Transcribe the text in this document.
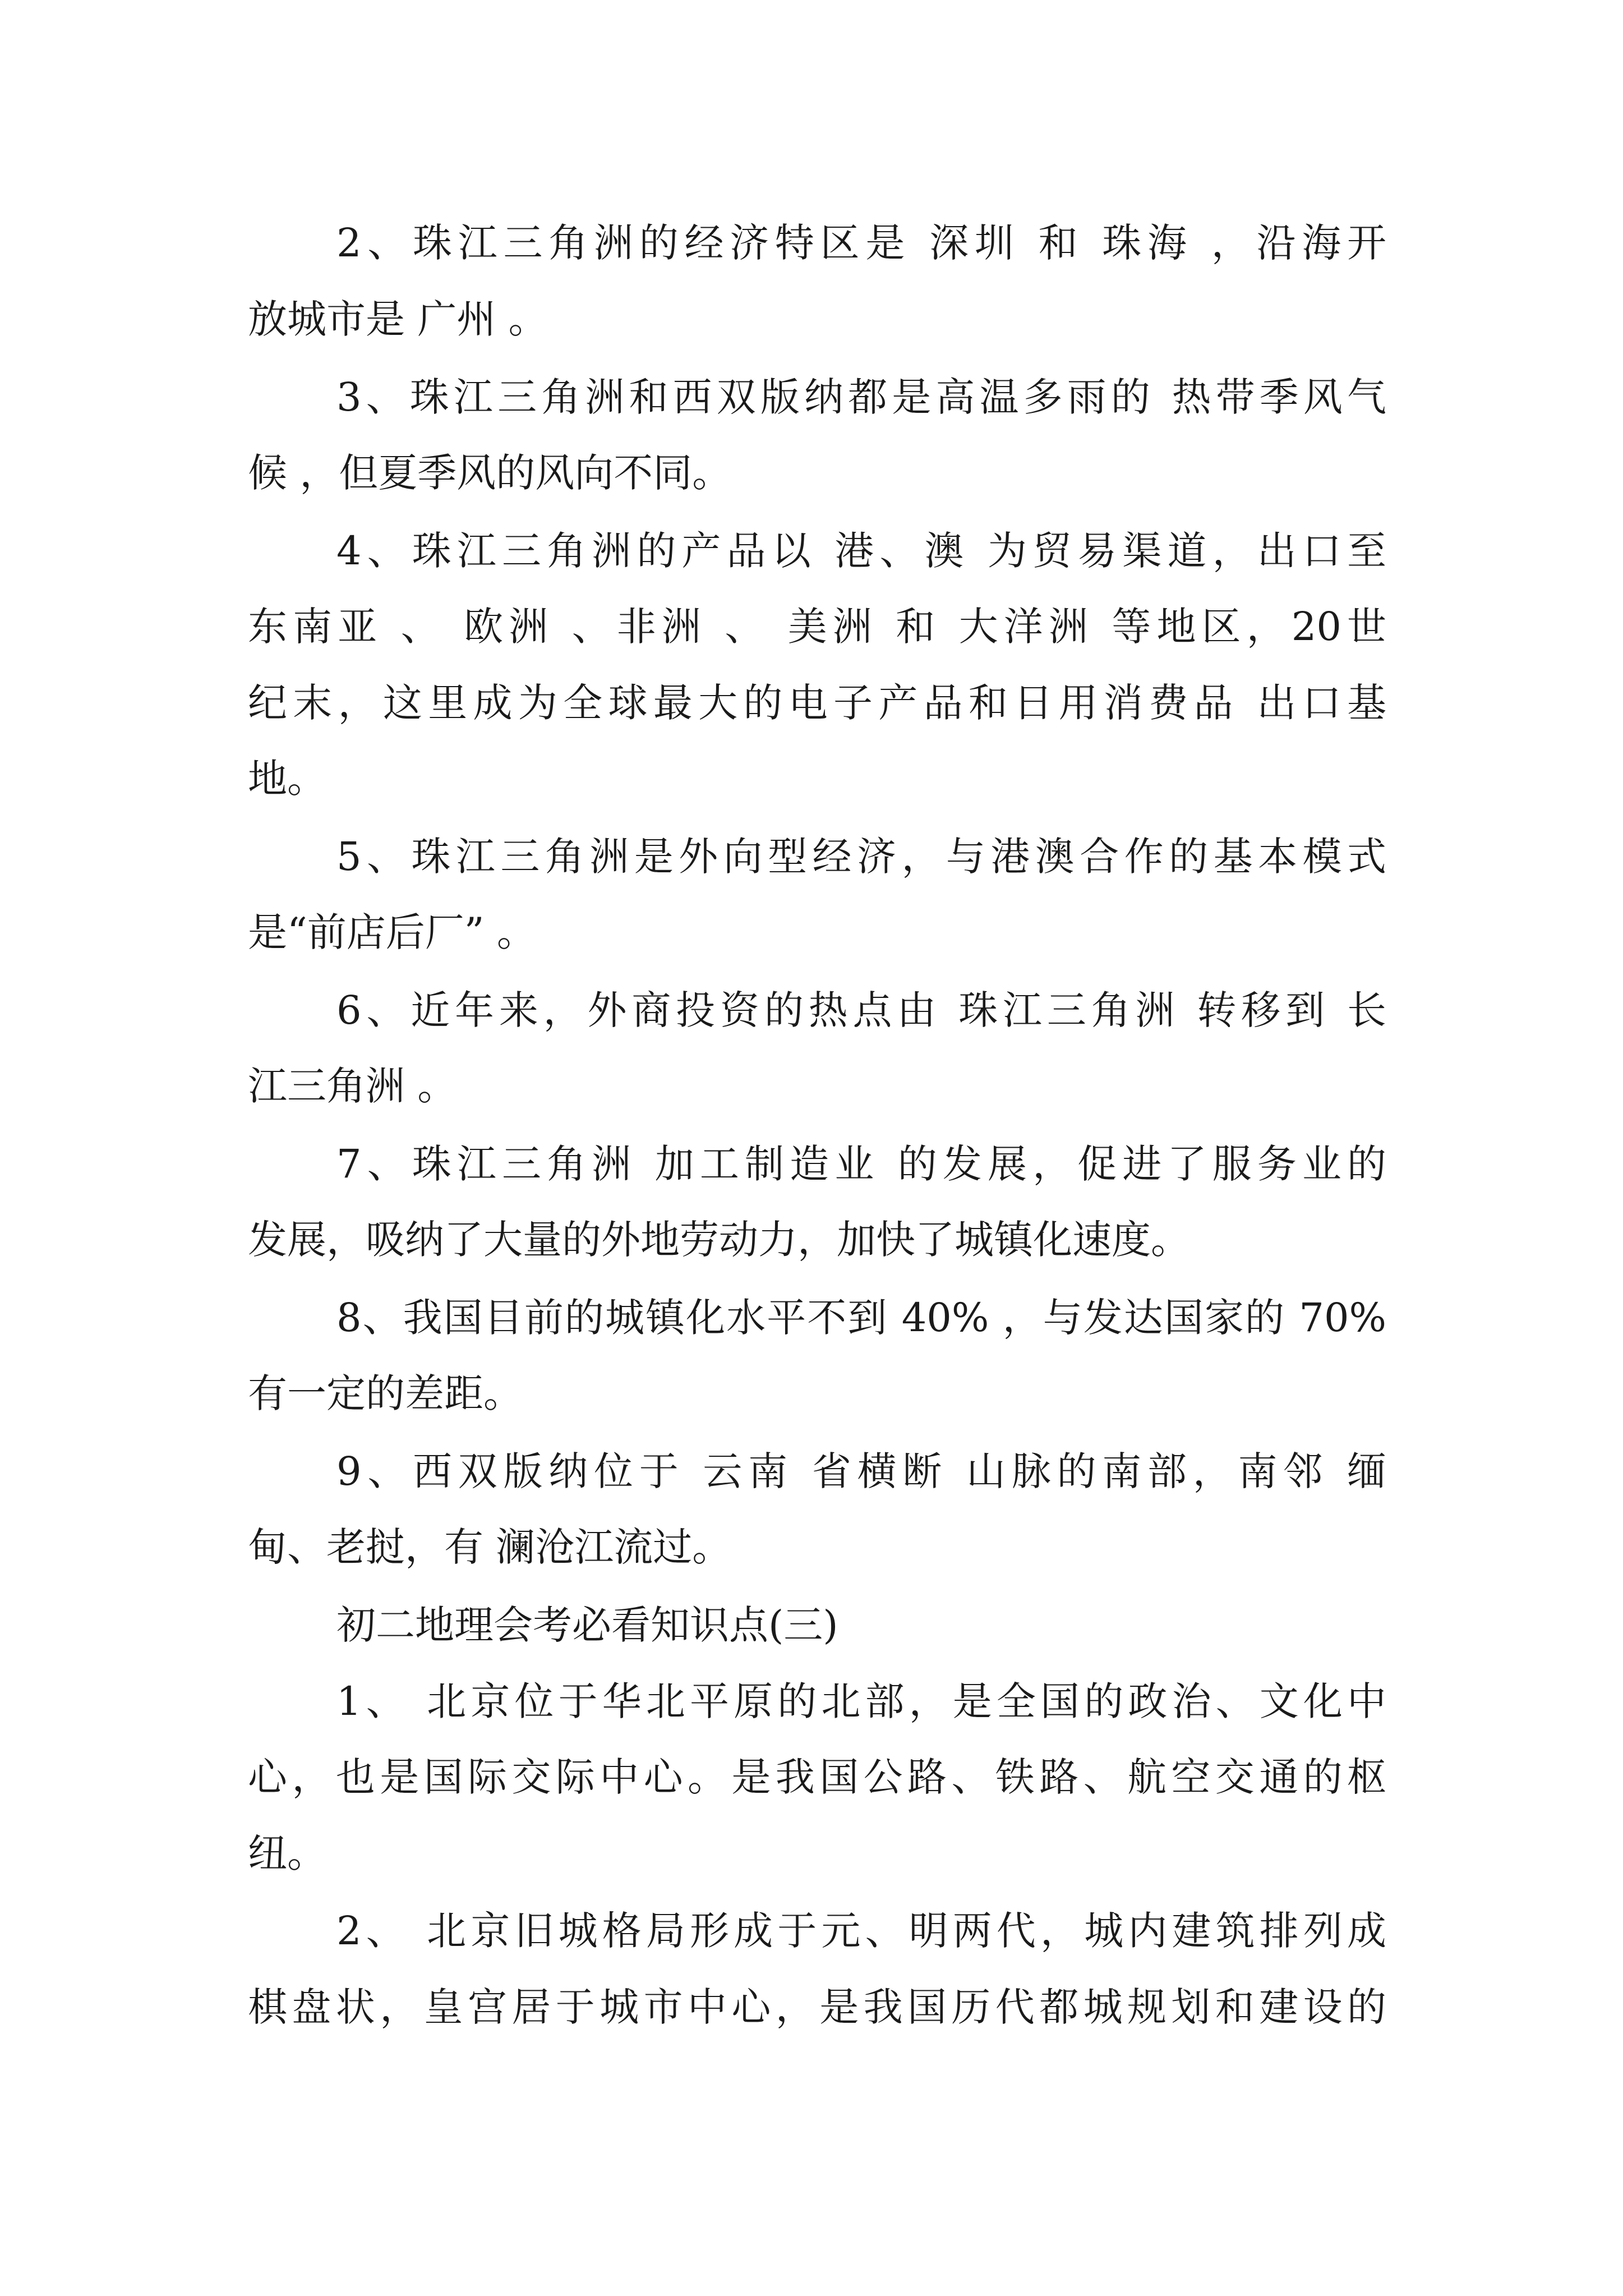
2、珠江三角洲的经济特区是 深圳 和 珠海 ，沿海开
放城市是 广州 。
3、珠江三角洲和西双版纳都是高温多雨的 热带季风气
候 ，但夏季风的风向不同。
4、珠江三角洲的产品以 港、澳 为贸易渠道，出口至
东南亚 、 欧洲 、非洲 、 美洲 和 大洋洲 等地区，20世
纪末，这里成为全球最大的电子产品和日用消费品 出口基
地。
5、珠江三角洲是外向型经济，与港澳合作的基本模式
是“前店后厂” 。
6、近年来，外商投资的热点由 珠江三角洲 转移到 长
江三角洲 。
7、珠江三角洲 加工制造业 的发展，促进了服务业的
发展，吸纳了大量的外地劳动力，加快了城镇化速度。
8、我国目前的城镇化水平不到 40% ，与发达国家的 70%
有一定的差距。
9、西双版纳位于 云南 省横断 山脉的南部，南邻 缅
甸、老挝，有 澜沧江流过。
初二地理会考必看知识点(三)
1、 北京位于华北平原的北部，是全国的政治、文化中
心，也是国际交际中心。是我国公路、铁路、航空交通的枢
纽。
2、 北京旧城格局形成于元、明两代，城内建筑排列成
棋盘状，皇宫居于城市中心，是我国历代都城规划和建设的
